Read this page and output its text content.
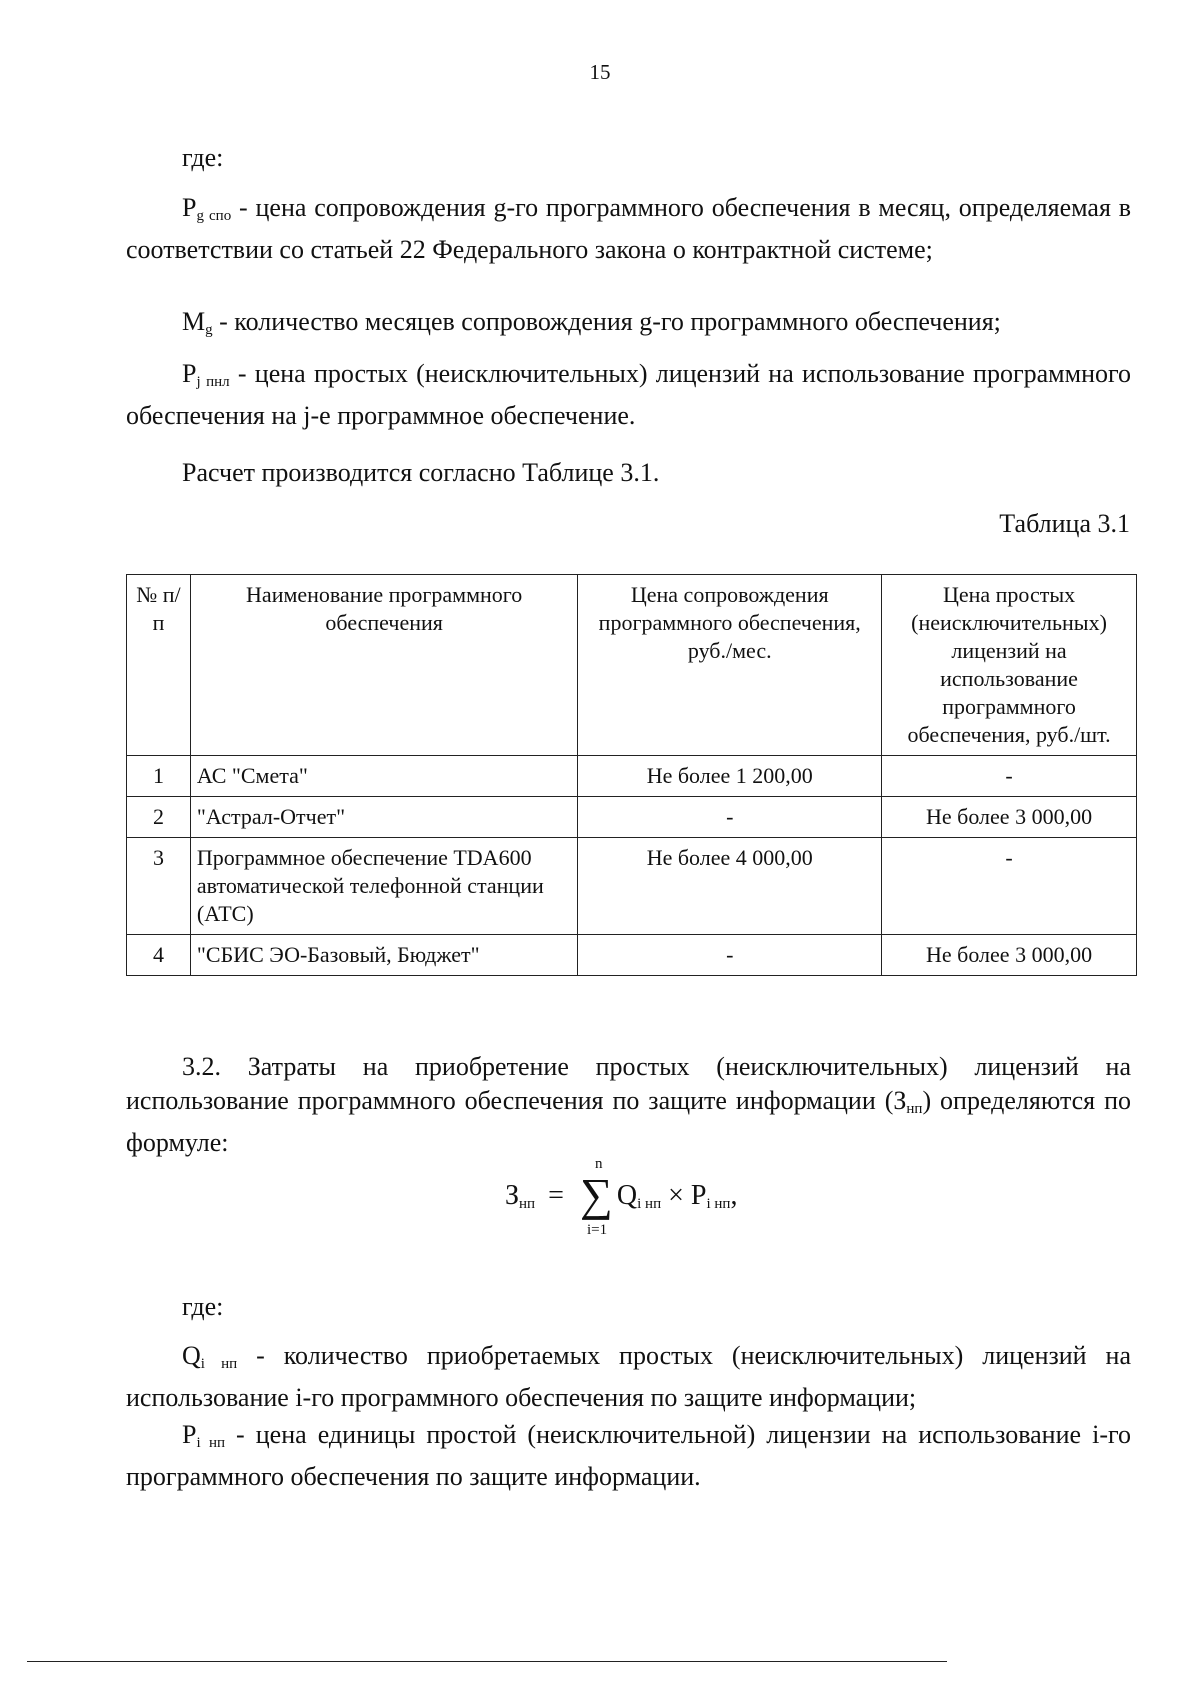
15
где:
$P_{g спо}$ - цена сопровождения g-го программного обеспечения в месяц, определяемая в соответствии со статьей 22 Федерального закона о контрактной системе;
$M_g$ - количество месяцев сопровождения g-го программного обеспечения;
$P_{j пнл}$ - цена простых (неисключительных) лицензий на использование программного обеспечения на j-е программное обеспечение.
Расчет производится согласно Таблице 3.1.
Таблица 3.1
№ п/п	Наименование программного обеспечения	Цена сопровождения программного обеспечения, руб./мес.	Цена простых (неисключительных) лицензий на использование программного обеспечения, руб./шт.
1	АС "Смета"	Не более 1 200,00	-
2	"Астрал-Отчет"	-	Не более 3 000,00
3	Программное обеспечение TDA600 автоматической телефонной станции (АТС)	Не более 4 000,00	-
4	"СБИС ЭО-Базовый, Бюджет"	-	Не более 3 000,00
3.2. Затраты на приобретение простых (неисключительных) лицензий на использование программного обеспечения по защите информации $(З_{нп})$ определяются по формуле:
$З_{нп}$ = ∑
n
i=1
$Q_{i нп} \times P_{i нп}$,
где:
$Q_{i нп}$ - количество приобретаемых простых (неисключительных) лицензий на использование i-го программного обеспечения по защите информации;
$P_{i нп}$ - цена единицы простой (неисключительной) лицензии на использование i-го программного обеспечения по защите информации.
